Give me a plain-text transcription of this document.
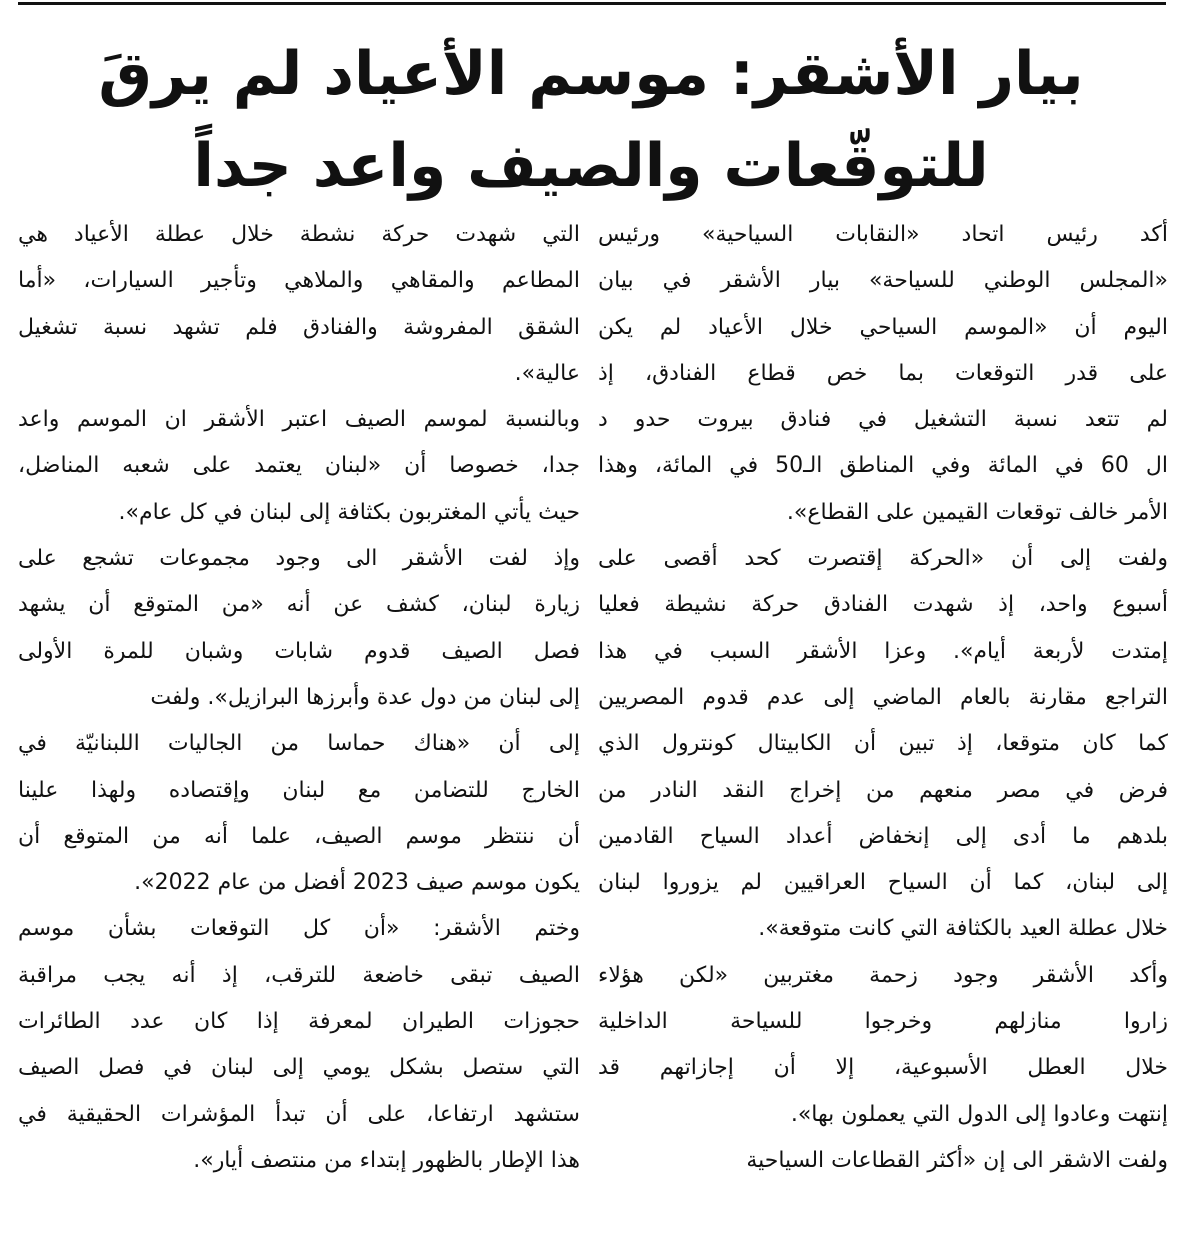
بيار الأشقر: موسم الأعياد لم يرقَ
للتوقّعات والصيف واعد جداً
أكد رئيس اتحاد «النقابات السياحية» ورئيس
«المجلس الوطني للسياحة» بيار الأشقر في بيان
اليوم أن «الموسم السياحي خلال الأعياد لم يكن
على قدر التوقعات بما خص قطاع الفنادق، إذ
لم تتعد نسبة التشغيل في فنادق بيروت حدو د
ال 60 في المائة وفي المناطق الـ50 في المائة، وهذا
الأمر خالف توقعات القيمين على القطاع».
ولفت إلى أن «الحركة إقتصرت كحد أقصى على
أسبوع واحد، إذ شهدت الفنادق حركة نشيطة فعليا
إمتدت لأربعة أيام». وعزا الأشقر السبب في هذا
التراجع مقارنة بالعام الماضي إلى عدم قدوم المصريين
كما كان متوقعا، إذ تبين أن الكابيتال كونترول الذي
فرض في مصر منعهم من إخراج النقد النادر من
بلدهم ما أدى إلى إنخفاض أعداد السياح القادمين
إلى لبنان، كما أن السياح العراقيين لم يزوروا لبنان
خلال عطلة العيد بالكثافة التي كانت متوقعة».
وأكد الأشقر وجود زحمة مغتربين «لكن هؤلاء
زاروا منازلهم وخرجوا للسياحة الداخلية
خلال العطل الأسبوعية، إلا أن إجازاتهم قد
إنتهت وعادوا إلى الدول التي يعملون بها».
ولفت الاشقر الى إن «أكثر القطاعات السياحية
التي شهدت حركة نشطة خلال عطلة الأعياد هي
المطاعم والمقاهي والملاهي وتأجير السيارات، «أما
الشقق المفروشة والفنادق فلم تشهد نسبة تشغيل
عالية».
وبالنسبة لموسم الصيف اعتبر الأشقر ان الموسم واعد
جدا، خصوصا أن «لبنان يعتمد على شعبه المناضل،
حيث يأتي المغتربون بكثافة إلى لبنان في كل عام».
وإذ لفت الأشقر الى وجود مجموعات تشجع على
زيارة لبنان، كشف عن أنه «من المتوقع أن يشهد
فصل الصيف قدوم شابات وشبان للمرة الأولى
إلى لبنان من دول عدة وأبرزها البرازيل». ولفت
إلى أن «هناك حماسا من الجاليات اللبنانيّة في
الخارج للتضامن مع لبنان وإقتصاده ولهذا علينا
أن ننتظر موسم الصيف، علما أنه من المتوقع أن
يكون موسم صيف 2023 أفضل من عام 2022».
وختم الأشقر: «أن كل التوقعات بشأن موسم
الصيف تبقى خاضعة للترقب، إذ أنه يجب مراقبة
حجوزات الطيران لمعرفة إذا كان عدد الطائرات
التي ستصل بشكل يومي إلى لبنان في فصل الصيف
ستشهد ارتفاعا، على أن تبدأ المؤشرات الحقيقية في
هذا الإطار بالظهور إبتداء من منتصف أيار».
